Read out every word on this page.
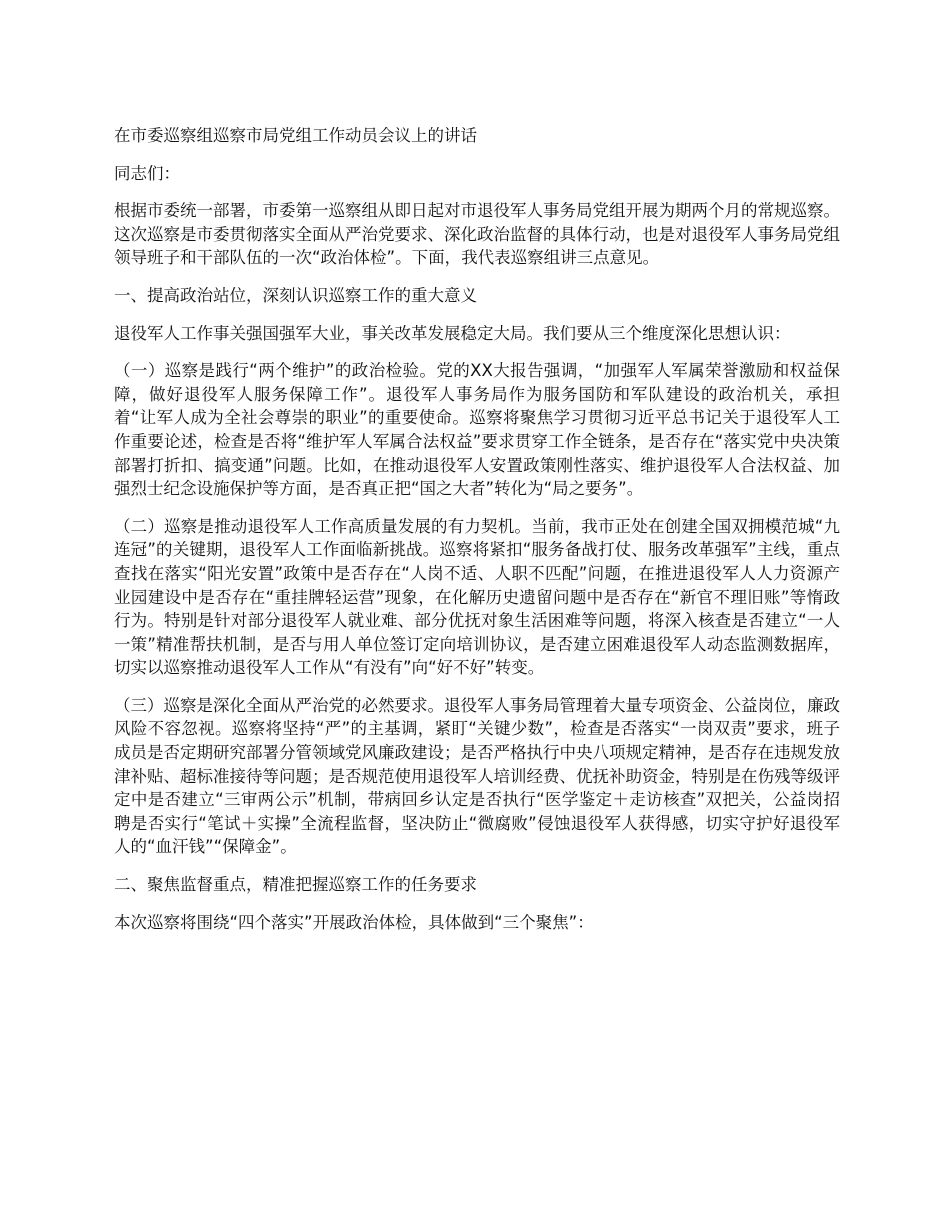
在市委巡察组巡察市局党组工作动员会议上的讲话

同志们：

根据市委统一部署，市委第一巡察组从即日起对市退役军人事务局党组开展为期两个月的常规巡察。这次巡察是市委贯彻落实全面从严治党要求、深化政治监督的具体行动，也是对退役军人事务局党组领导班子和干部队伍的一次“政治体检”。下面，我代表巡察组讲三点意见。

一、提高政治站位，深刻认识巡察工作的重大意义

退役军人工作事关强国强军大业，事关改革发展稳定大局。我们要从三个维度深化思想认识：

（一）巡察是践行“两个维护”的政治检验。党的XX大报告强调，“加强军人军属荣誉激励和权益保障，做好退役军人服务保障工作”。退役军人事务局作为服务国防和军队建设的政治机关，承担着“让军人成为全社会尊崇的职业”的重要使命。巡察将聚焦学习贯彻习近平总书记关于退役军人工作重要论述，检查是否将“维护军人军属合法权益”要求贯穿工作全链条，是否存在“落实党中央决策部署打折扣、搞变通”问题。比如，在推动退役军人安置政策刚性落实、维护退役军人合法权益、加强烈士纪念设施保护等方面，是否真正把“国之大者”转化为“局之要务”。

（二）巡察是推动退役军人工作高质量发展的有力契机。当前，我市正处在创建全国双拥模范城“九连冠”的关键期，退役军人工作面临新挑战。巡察将紧扣“服务备战打仗、服务改革强军”主线，重点查找在落实“阳光安置”政策中是否存在“人岗不适、人职不匹配”问题，在推进退役军人人力资源产业园建设中是否存在“重挂牌轻运营”现象，在化解历史遗留问题中是否存在“新官不理旧账”等惰政行为。特别是针对部分退役军人就业难、部分优抚对象生活困难等问题，将深入核查是否建立“一人一策”精准帮扶机制，是否与用人单位签订定向培训协议，是否建立困难退役军人动态监测数据库，切实以巡察推动退役军人工作从“有没有”向“好不好”转变。

（三）巡察是深化全面从严治党的必然要求。退役军人事务局管理着大量专项资金、公益岗位，廉政风险不容忽视。巡察将坚持“严”的主基调，紧盯“关键少数”，检查是否落实“一岗双责”要求，班子成员是否定期研究部署分管领域党风廉政建设；是否严格执行中央八项规定精神，是否存在违规发放津补贴、超标准接待等问题；是否规范使用退役军人培训经费、优抚补助资金，特别是在伤残等级评定中是否建立“三审两公示”机制，带病回乡认定是否执行“医学鉴定＋走访核查”双把关，公益岗招聘是否实行“笔试＋实操”全流程监督，坚决防止“微腐败”侵蚀退役军人获得感，切实守护好退役军人的“血汗钱”“保障金”。

二、聚焦监督重点，精准把握巡察工作的任务要求

本次巡察将围绕“四个落实”开展政治体检，具体做到“三个聚焦”：
